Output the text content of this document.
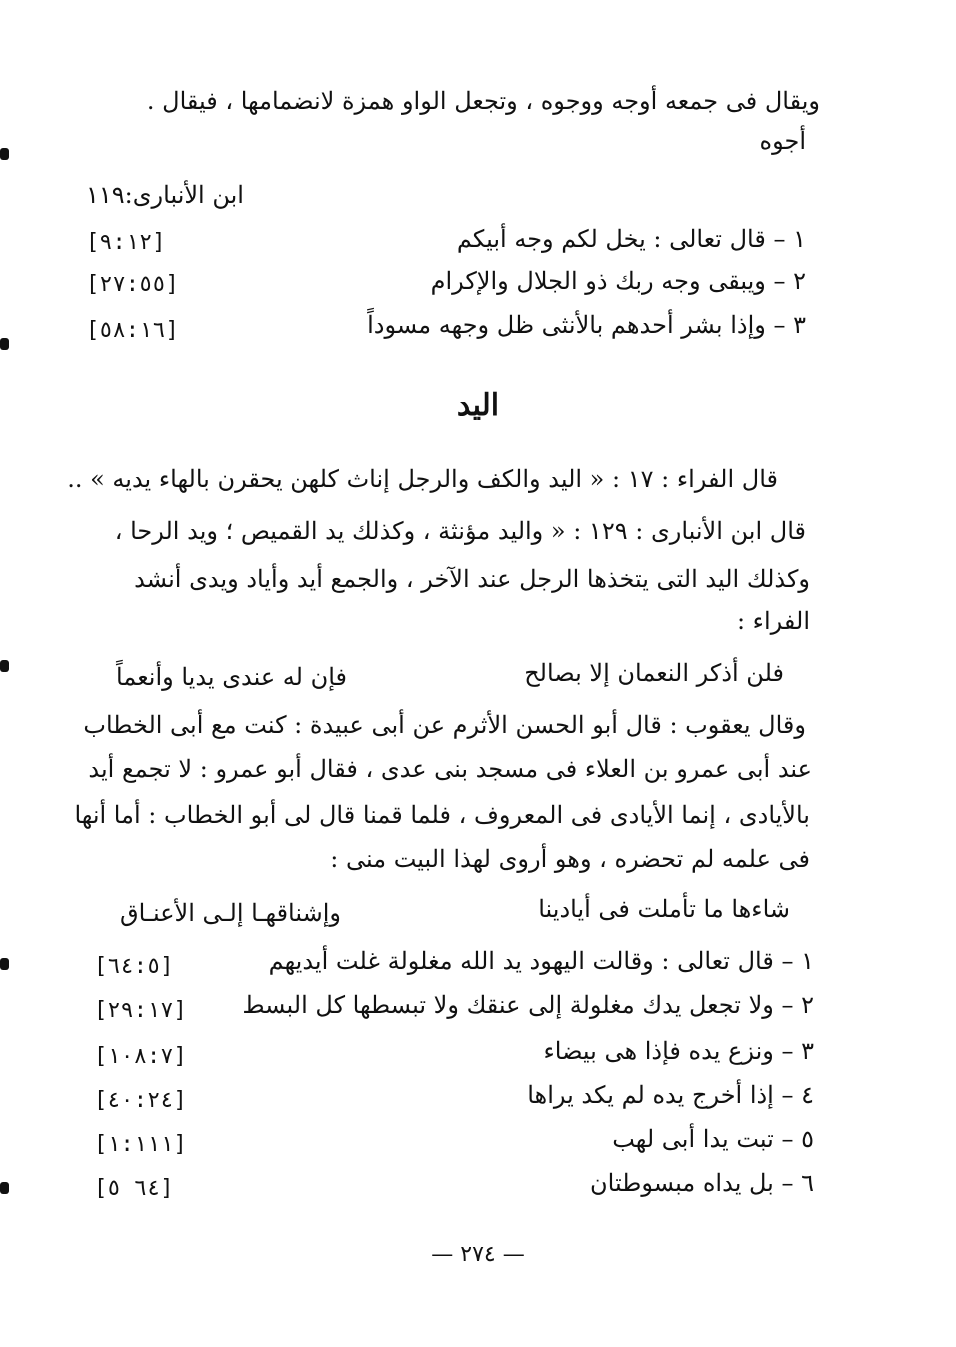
ويقال فى جمعه أوجه ووجوه ، وتجعل الواو همزة لانضمامها ، فيقال .
أجوه
ابن الأنبارى:١١٩
١ – قال تعالى : يخل لكم وجه أبيكم
[٩:١٢]
٢ – ويبقى وجه ربك ذو الجلال والإكرام
[٢٧:٥٥]
٣ – وإذا بشر أحدهم بالأنثى ظل وجهه مسوداً
[٥٨:١٦]
اليد
قال الفراء : ١٧ : « اليد والكف والرجل إناث كلهن يحقرن بالهاء يديه » ..
قال ابن الأنبارى : ١٢٩ : « واليد مؤنثة ، وكذلك يد القميص ؛ ويد الرحا ،
وكذلك اليد التى يتخذها الرجل عند الآخر ، والجمع أيد وأياد ويدى أنشد
الفراء :
فلن أذكر النعمان إلا بصالح
فإن له عندى يديا وأنعماً
وقال يعقوب : قال أبو الحسن الأثرم عن أبى عبيدة : كنت مع أبى الخطاب
عند أبى عمرو بن العلاء فى مسجد بنى عدى ، فقال أبو عمرو : لا تجمع أيد
بالأيادى ، إنما الأيادى فى المعروف ، فلما قمنا قال لى أبو الخطاب : أما أنها
فى علمه لم تحضره ، وهو أروى لهذا البيت منى :
شاءها ما تأملت فى أيادينا
وإشناقهـا إلـى الأعنـاق
١ – قال تعالى : وقالت اليهود يد الله مغلولة غلت أيديهم
[٦٤:٥]
٢ – ولا تجعل يدك مغلولة إلى عنقك ولا تبسطها كل البسط
[٢٩:١٧]
٣ – ونزع يده فإذا هى بيضاء
[١٠٨:٧]
٤ – إذا أخرج يده لم يكد يراها
[٤٠:٢٤]
٥ – تبت يدا أبى لهب
[١:١١١]
٦ – بل يداه مبسوطتان
[٦٤ ٥]
— ٢٧٤ —
